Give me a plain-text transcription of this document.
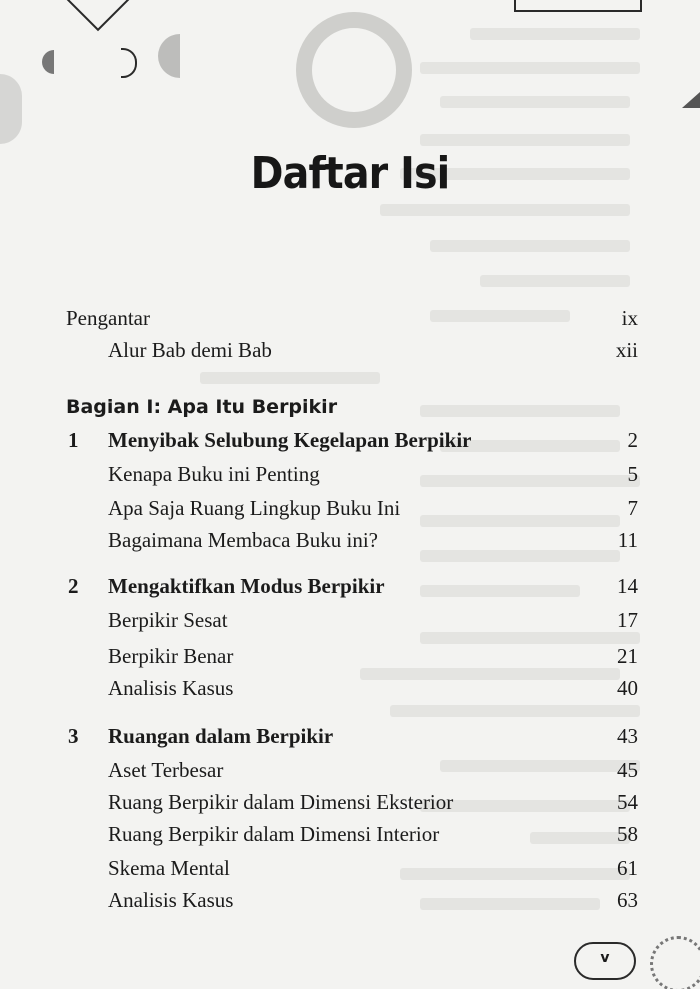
Daftar Isi
Pengantar	ix
Alur Bab demi Bab	xii
Bagian I: Apa Itu Berpikir
1 Menyibak Selubung Kegelapan Berpikir	2
Kenapa Buku ini Penting	5
Apa Saja Ruang Lingkup Buku Ini	7
Bagaimana Membaca Buku ini?	11
2 Mengaktifkan Modus Berpikir	14
Berpikir Sesat	17
Berpikir Benar	21
Analisis Kasus	40
3 Ruangan dalam Berpikir	43
Aset Terbesar	45
Ruang Berpikir dalam Dimensi Eksterior	54
Ruang Berpikir dalam Dimensi Interior	58
Skema Mental	61
Analisis Kasus	63
v
